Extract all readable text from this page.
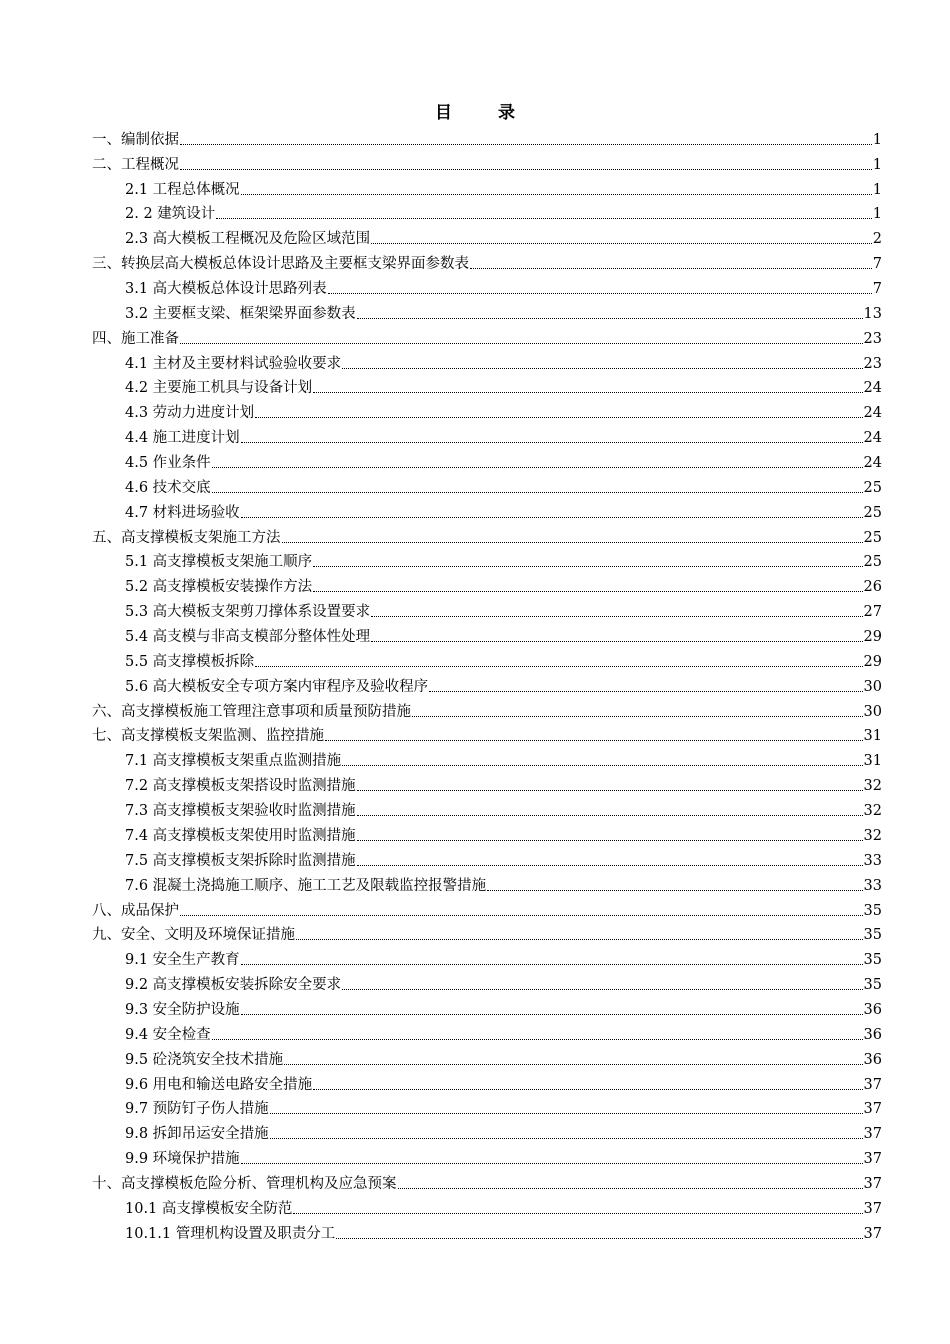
目 录
一、编制依据	1
二、工程概况	1
2.1 工程总体概况	1
2. 2 建筑设计	1
2.3 高大模板工程概况及危险区域范围	2
三、转换层高大模板总体设计思路及主要框支梁界面参数表	7
3.1 高大模板总体设计思路列表	7
3.2 主要框支梁、框架梁界面参数表	13
四、施工准备	23
4.1 主材及主要材料试验验收要求	23
4.2 主要施工机具与设备计划	24
4.3 劳动力进度计划	24
4.4 施工进度计划	24
4.5 作业条件	24
4.6 技术交底	25
4.7 材料进场验收	25
五、高支撑模板支架施工方法	25
5.1 高支撑模板支架施工顺序	25
5.2 高支撑模板安装操作方法	26
5.3 高大模板支架剪刀撑体系设置要求	27
5.4 高支模与非高支模部分整体性处理	29
5.5 高支撑模板拆除	29
5.6 高大模板安全专项方案内审程序及验收程序	30
六、高支撑模板施工管理注意事项和质量预防措施	30
七、高支撑模板支架监测、监控措施	31
7.1 高支撑模板支架重点监测措施	31
7.2 高支撑模板支架搭设时监测措施	32
7.3 高支撑模板支架验收时监测措施	32
7.4 高支撑模板支架使用时监测措施	32
7.5 高支撑模板支架拆除时监测措施	33
7.6 混凝土浇捣施工顺序、施工工艺及限载监控报警措施	33
八、成品保护	35
九、安全、文明及环境保证措施	35
9.1 安全生产教育	35
9.2 高支撑模板安装拆除安全要求	35
9.3 安全防护设施	36
9.4 安全检查	36
9.5 砼浇筑安全技术措施	36
9.6 用电和输送电路安全措施	37
9.7 预防钉子伤人措施	37
9.8 拆卸吊运安全措施	37
9.9 环境保护措施	37
十、高支撑模板危险分析、管理机构及应急预案	37
10.1 高支撑模板安全防范	37
10.1.1 管理机构设置及职责分工	37
